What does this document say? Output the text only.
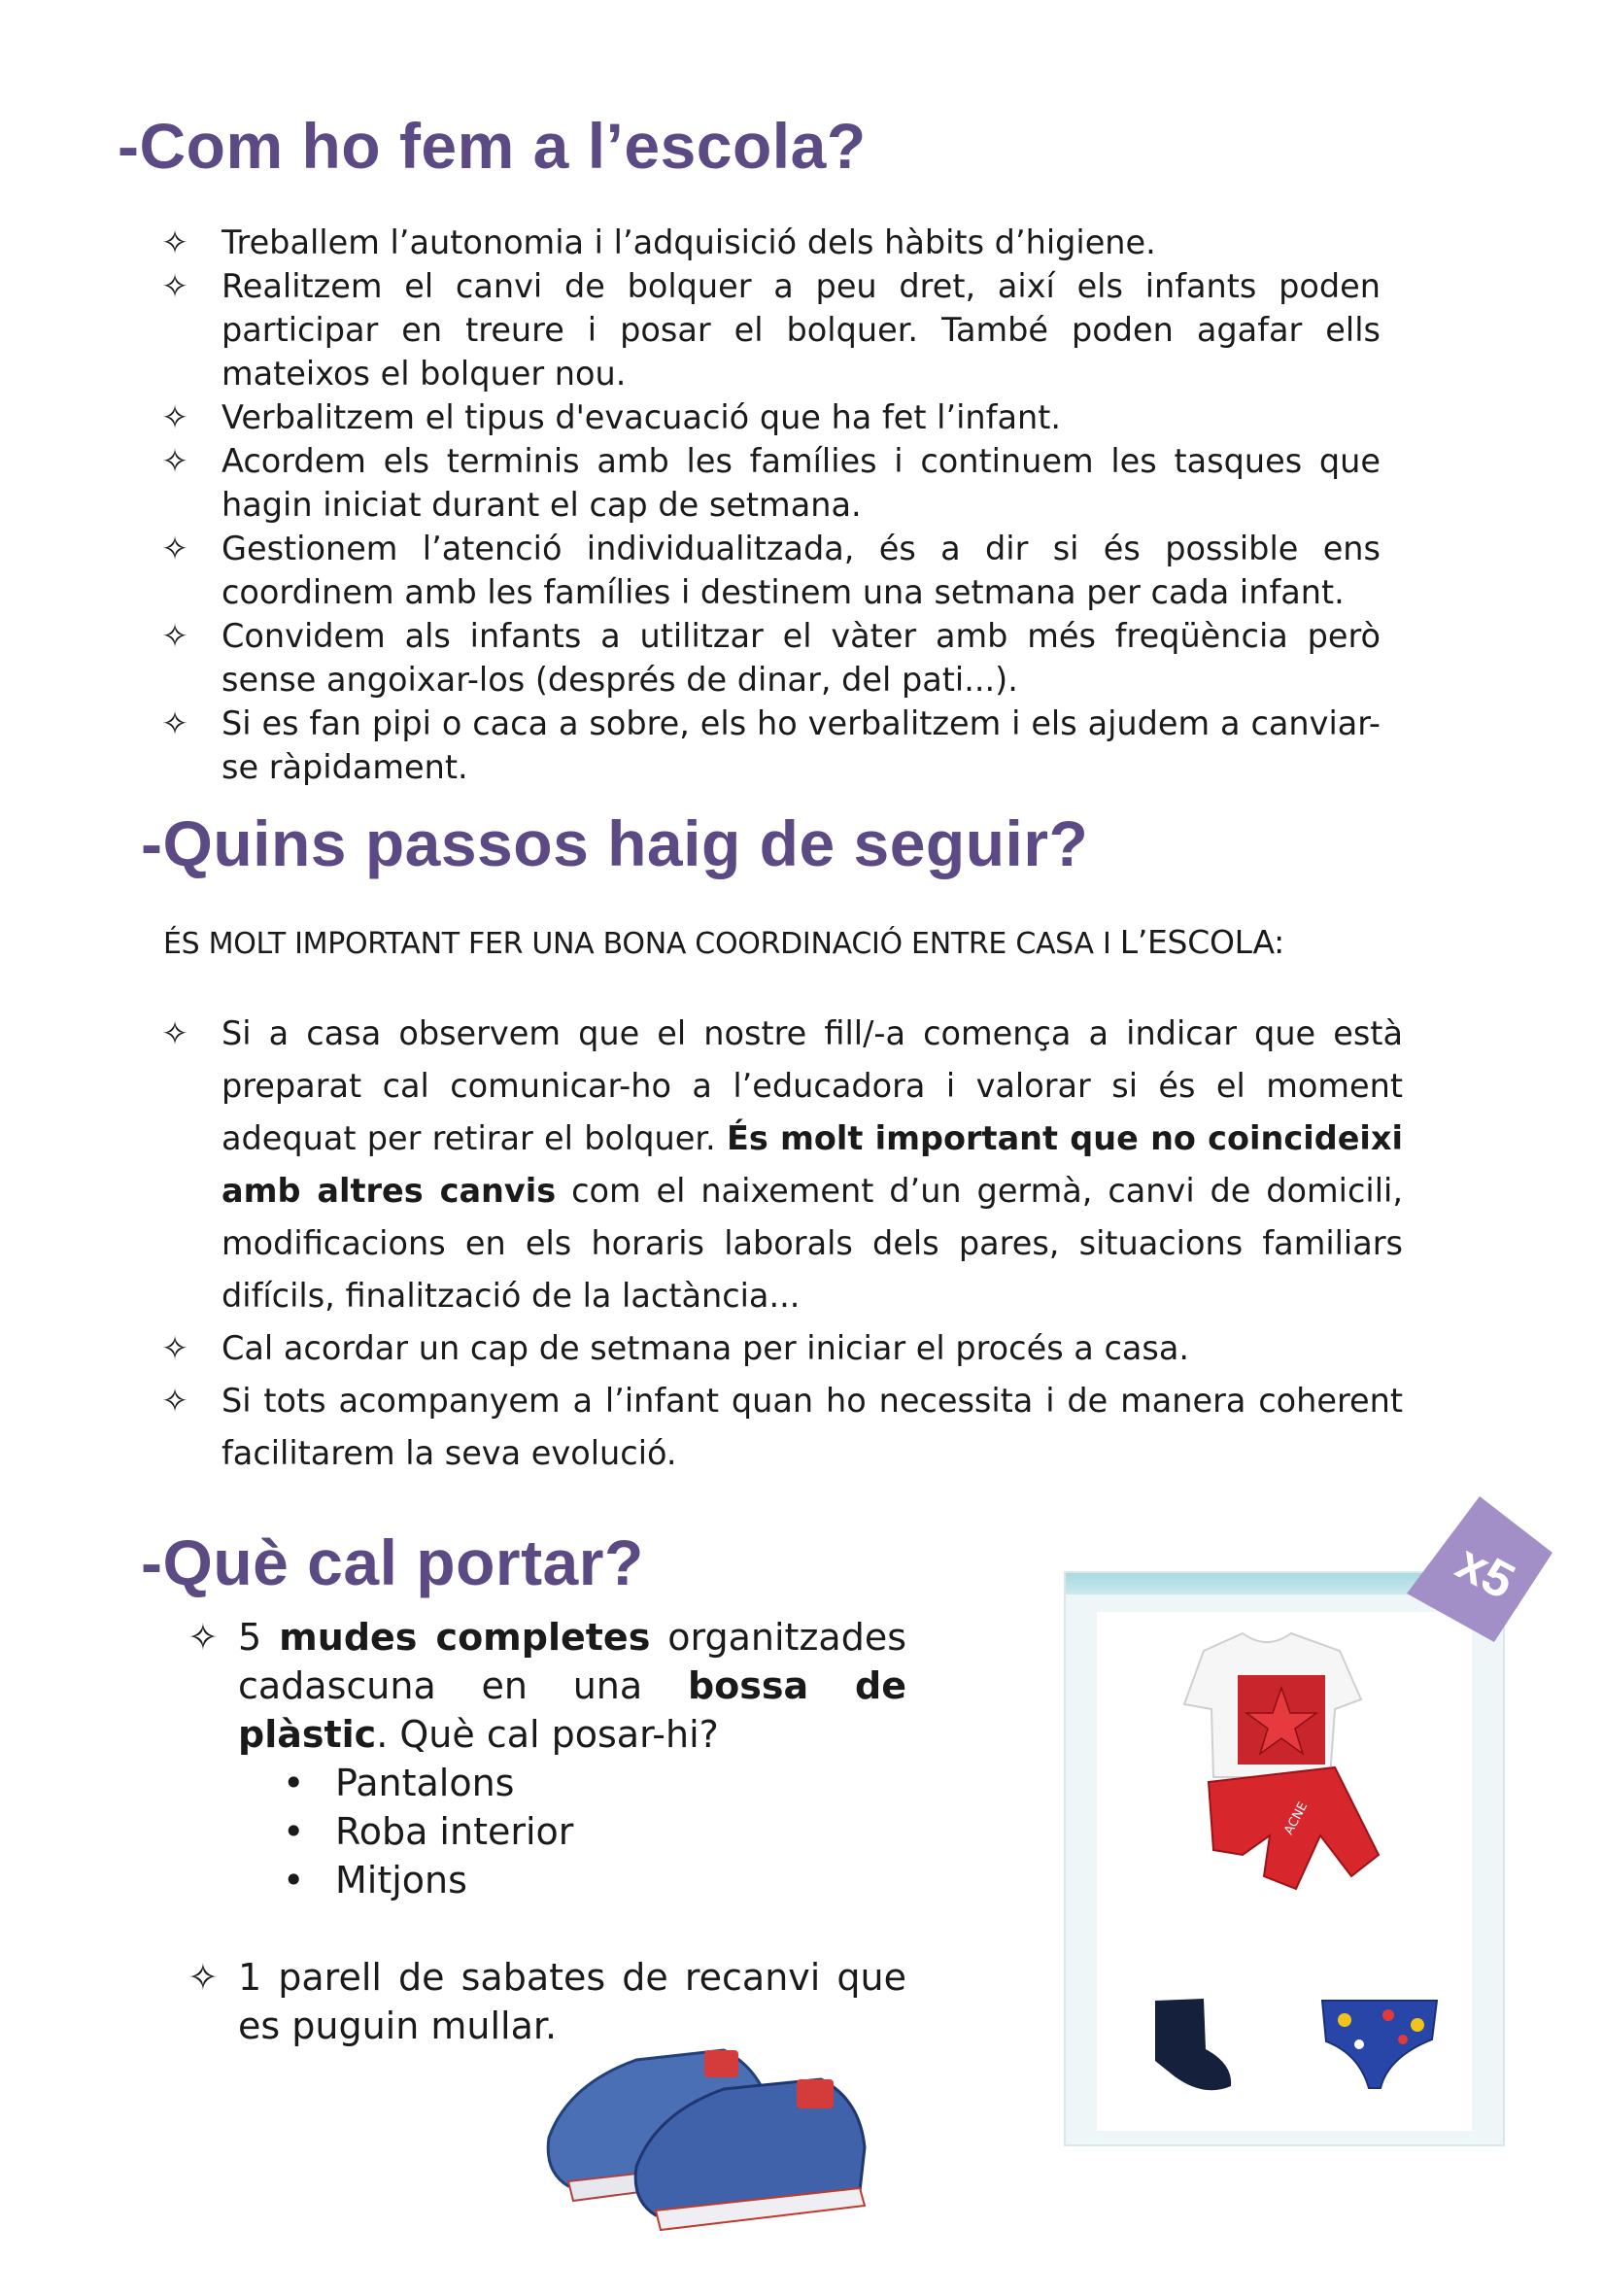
-Com ho fem a l’escola?
✧	Treballem l’autonomia i l’adquisició dels hàbits d’higiene.
✧	Realitzem el canvi de bolquer a peu dret, així els infants poden participar en treure i posar el bolquer. També poden agafar ells mateixos el bolquer nou.
✧	Verbalitzem el tipus d'evacuació que ha fet l’infant.
✧	Acordem els terminis amb les famílies i continuem les tasques que hagin iniciat durant el cap de setmana.
✧	Gestionem l’atenció individualitzada, és a dir si és possible ens coordinem amb les famílies i destinem una setmana per cada infant.
✧	Convidem als infants a utilitzar el vàter amb més freqüència però sense angoixar-los (després de dinar, del pati...).
✧	Si es fan pipi o caca a sobre, els ho verbalitzem i els ajudem a canviar-se ràpidament.
-Quins passos haig de seguir?

ÉS MOLT IMPORTANT FER UNA BONA COORDINACIÓ ENTRE CASA I L’ESCOLA:

✧	Si a casa observem que el nostre fill/-a comença a indicar que està preparat cal comunicar-ho a l’educadora i valorar si és el moment adequat per retirar el bolquer. És molt important que no coincideixi amb altres canvis com el naixement d’un germà, canvi de domicili, modificacions en els horaris laborals dels pares, situacions familiars difícils, finalització de la lactància...
✧	Cal acordar un cap de setmana per iniciar el procés a casa.
✧	Si tots acompanyem a l’infant quan ho necessita i de manera coherent facilitarem la seva evolució.
-Què cal portar?
✧ 5 mudes completes organitzades cadascuna en una bossa de plàstic. Què cal posar-hi?
• Pantalons
• Roba interior
• Mitjons
✧ 1 parell de sabates de recanvi que es puguin mullar.
ACNE
x5
